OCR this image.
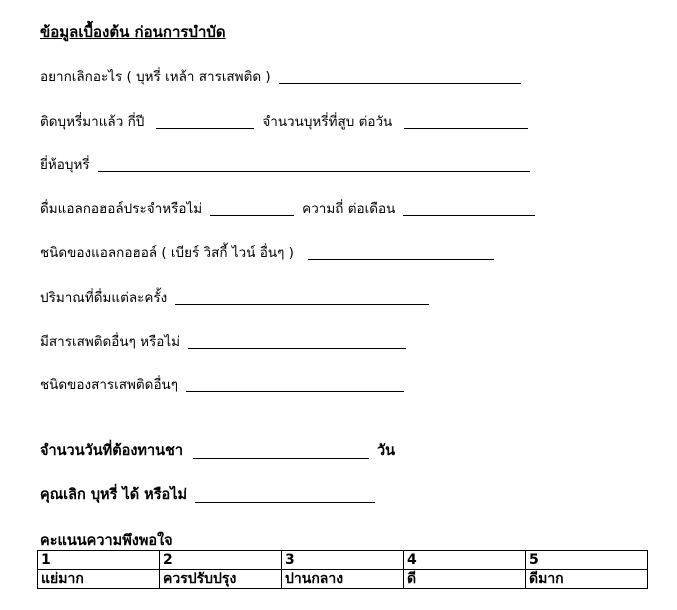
ข้อมูลเบื้องต้น ก่อนการบำบัด
อยากเลิกอะไร ( บุหรี่ เหล้า สารเสพติด )
ติดบุหรี่มาแล้ว กี่ปี	จำนวนบุหรี่ที่สูบ ต่อวัน
ยี่ห้อบุหรี่
ดื่มแอลกอฮอล์ประจำหรือไม่	ความถี่ ต่อเดือน
ชนิดของแอลกอฮอล์ ( เบียร์ วิสกี้ ไวน์ อื่นๆ )
ปริมาณที่ดื่มแต่ละครั้ง
มีสารเสพติดอื่นๆ หรือไม่
ชนิดของสารเสพติดอื่นๆ
จำนวนวันที่ต้องทานชา	วัน
คุณเลิก บุหรี่ ได้ หรือไม่
คะแนนความพึงพอใจ
1	2	3	4	5
แย่มาก	ควรปรับปรุง	ปานกลาง	ดี	ดีมาก
